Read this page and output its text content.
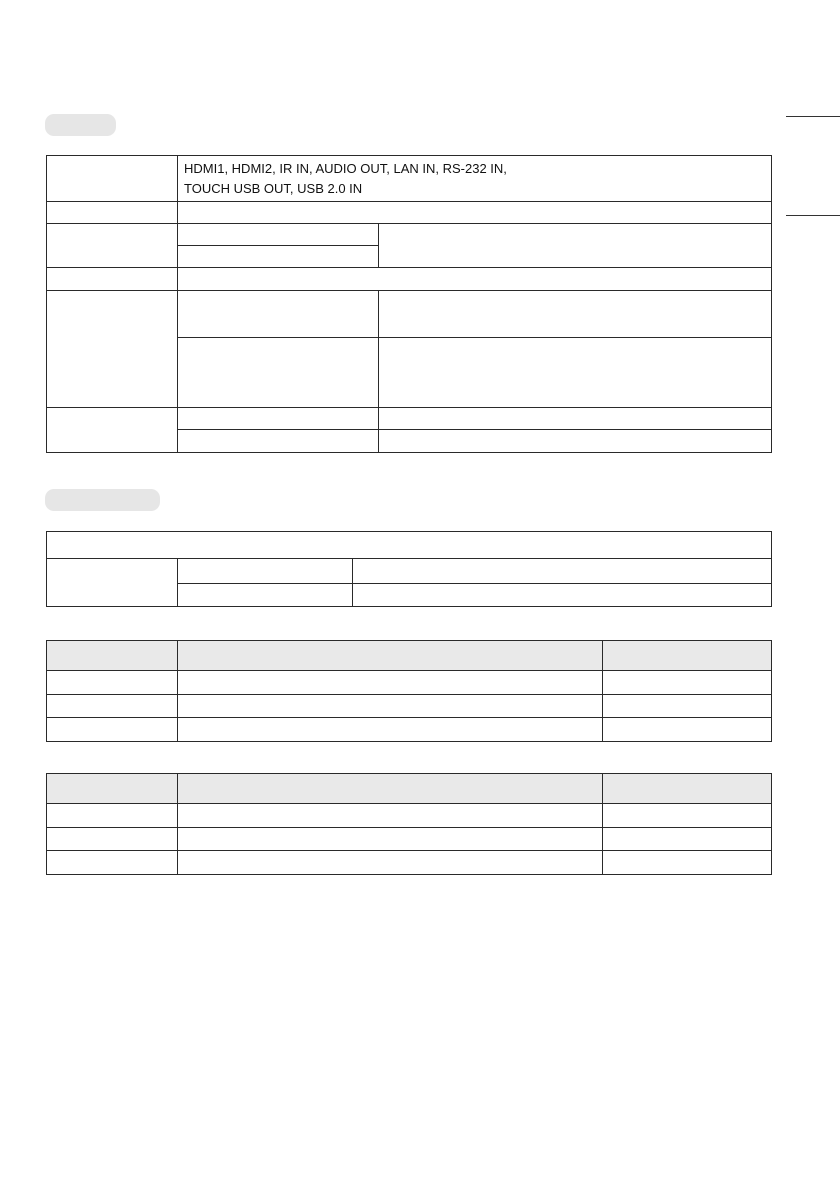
	HDMI1, HDMI2, IR IN, AUDIO OUT, LAN IN, RS-232 IN,
TOUCH USB OUT, USB 2.0 IN	
